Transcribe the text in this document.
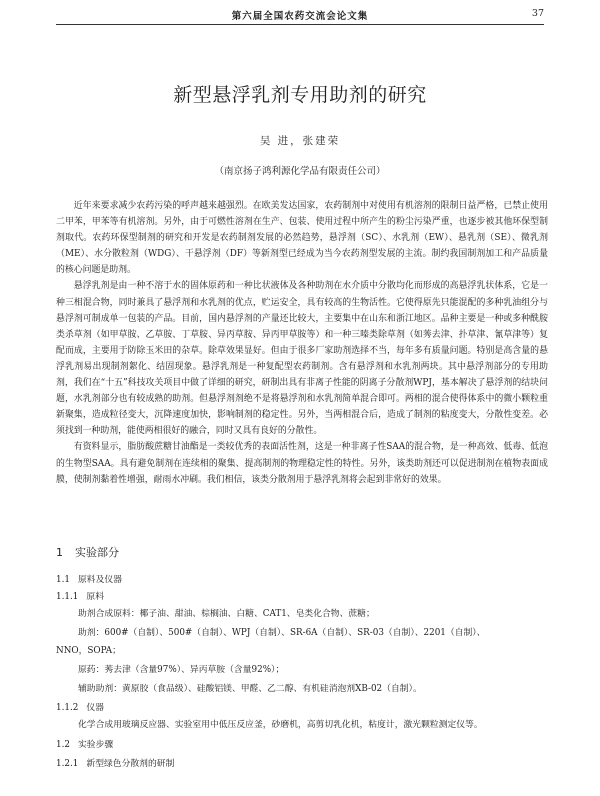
第六届全国农药交流会论文集	37
新型悬浮乳剂专用助剂的研究
吴 进，张建荣
（南京扬子鸿利源化学品有限责任公司）

近年来要求减少农药污染的呼声越来越强烈。在欧美发达国家，农药制剂中对使用有机溶剂的限制日益严格，已禁止使用二甲苯，甲苯等有机溶剂。另外，由于可燃性溶剂在生产、包装、使用过程中所产生的粉尘污染严重，也逐步被其他环保型制剂取代。农药环保型制剂的研究和开发是农药制剂发展的必然趋势，悬浮剂（SC）、水乳剂（EW）、悬乳剂（SE）、微乳剂（ME）、水分散粒剂（WDG）、干悬浮剂（DF）等新剂型已经成为当今农药剂型发展的主流。制约我国制剂加工和产品质量的核心问题是助剂。

悬浮乳剂是由一种不溶于水的固体原药和一种比状液体及各种助剂在水介质中分散均化而形成的高悬浮乳状体系，它是一种三相混合物，同时兼具了悬浮剂和水乳剂的优点，贮运安全，具有较高的生物活性。它使得原先只能混配的多种乳油组分与悬浮剂可制成单一包装的产品。目前，国内悬浮剂的产量还比较大，主要集中在山东和浙江地区。品种主要是一种或多种酰胺类杀草剂（如甲草胺、乙草胺、丁草胺、异丙草胺、异丙甲草胺等）和一种三嗪类除草剂（如莠去津、扑草津、氰草津等）复配而成，主要用于防除玉米田的杂草。除草效果显好。但由于很多厂家助剂选择不当，每年多有质量问题。特别是高含量的悬浮乳剂易出现制剂絮化、结固现象。悬浮乳剂是一种复配型农药制剂。含有悬浮剂和水乳剂两块。其中悬浮剂部分的专用助剂，我们在“十五”科技攻关项目中做了详细的研究，研制出具有非离子性能的阴离子分散剂WPJ，基本解决了悬浮剂的结块问题，水乳剂部分也有较成熟的助剂。但悬浮剂剂绝不是将悬浮剂和水乳剂简单混合即可。两相的混合使得体系中的微小颗粒重新聚集，造成粒径变大，沉降速度加快，影响制剂的稳定性。另外，当两相混合后，造成了制剂的粘度变大，分散性变差。必须找到一种助剂，能使两相很好的融合，同时又具有良好的分散性。

有资料显示，脂肪酸蔗糖甘油酯是一类较优秀的表面活性剂，这是一种非离子性SAA的混合物，是一种高效、低毒、低泡的生物型SAA。具有避免制剂在连续相的聚集、提高制剂的物理稳定性的特性。另外，该类助剂还可以促进制剂在植物表面成膜，使制剂黏着性增强，耐雨水冲刷。我们相信，该类分散剂用于悬浮乳剂将会起到非常好的效果。

1 实验部分
1.1 原料及仪器
1.1.1 原料
助剂合成原料：椰子油、甜油、棕榈油、白糖、CAT1、皂类化合物、蔗糖；
助剂：600#（自制）、500#（自制）、WPJ（自制）、SR-6A（自制）、SR-03（自制）、2201（自制）、
NNO，SOPA；
原药：莠去津（含量97%）、异丙草胺（含量92%）；
辅助助剂：黄原胶（食品级）、硅酸铝镁、甲醛、乙二醇、有机硅消泡剂XB-02（自制）。
1.1.2 仪器
化学合成用玻璃反应器、实验室用中低压反应釜，砂磨机，高剪切乳化机，粘度计，激光颗粒测定仪等。
1.2 实验步骤
1.2.1 新型绿色分散剂的研制
